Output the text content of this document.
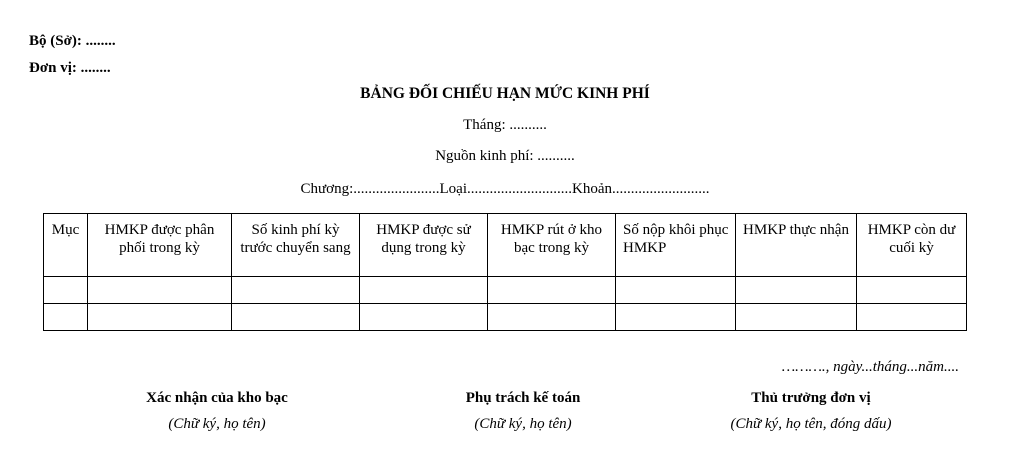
Bộ (Sở): ........
Đơn vị: ........
BẢNG ĐỐI CHIẾU HẠN MỨC KINH PHÍ
Tháng: ..........
Nguồn kinh phí: ..........
Chương:.......................Loại............................Khoản..........................
Mục	HMKP được phân phối trong kỳ	Số kinh phí kỳ trước chuyển sang	HMKP được sử dụng trong kỳ	HMKP rút ở kho bạc trong kỳ	Số nộp khôi phục HMKP	HMKP thực nhận	HMKP còn dư cuối kỳ

………., ngày...tháng...năm....
Xác nhận của kho bạc
(Chữ ký, họ tên)
Phụ trách kế toán
(Chữ ký, họ tên)
Thủ trưởng đơn vị
(Chữ ký, họ tên, đóng dấu)
